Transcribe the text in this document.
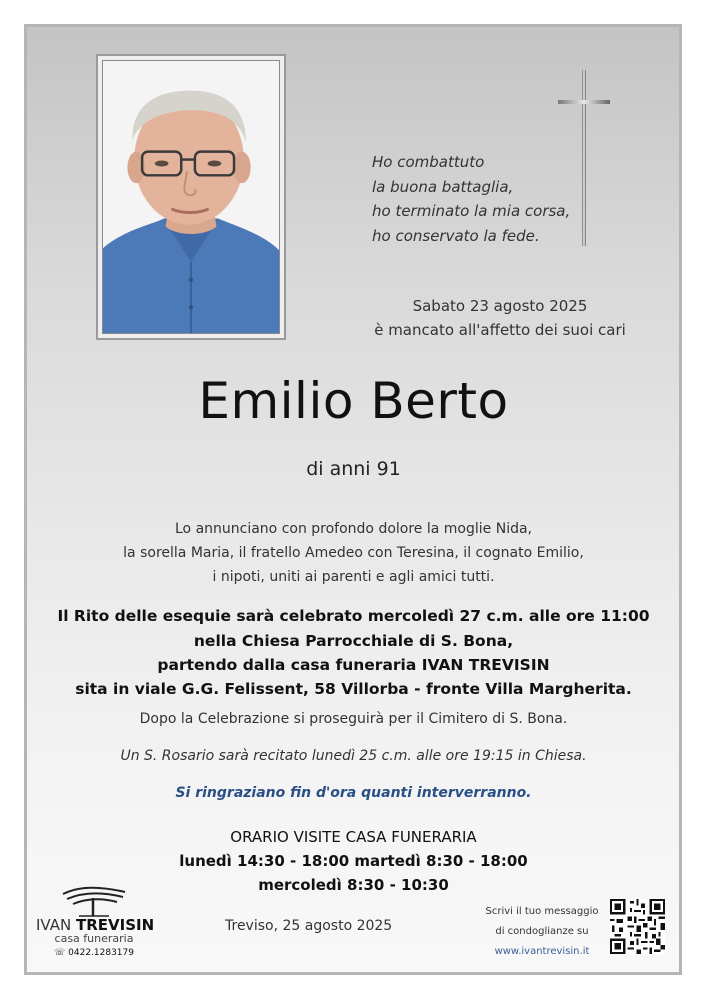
Ho combattuto
la buona battaglia,
ho terminato la mia corsa,
ho conservato la fede.
Sabato 23 agosto 2025
è mancato all'affetto dei suoi cari
Emilio Berto
di anni 91
Lo annunciano con profondo dolore la moglie Nida,
la sorella Maria, il fratello Amedeo con Teresina, il cognato Emilio,
i nipoti, uniti ai parenti e agli amici tutti.
Il Rito delle esequie sarà celebrato mercoledì 27 c.m. alle ore 11:00
nella Chiesa Parrocchiale di S. Bona,
partendo dalla casa funeraria IVAN TREVISIN
sita in viale G.G. Felissent, 58 Villorba - fronte Villa Margherita.
Dopo la Celebrazione si proseguirà per il Cimitero di S. Bona.
Un S. Rosario sarà recitato lunedì 25 c.m. alle ore 19:15 in Chiesa.
Si ringraziano fin d'ora quanti interverranno.
ORARIO VISITE CASA FUNERARIA
lunedì 14:30 - 18:00 martedì 8:30 - 18:00
mercoledì 8:30 - 10:30
IVAN TREVISIN
casa funeraria
☏ 0422.1283179
Treviso, 25 agosto 2025
Scrivi il tuo messaggio
di condoglianze su
www.ivantrevisin.it
